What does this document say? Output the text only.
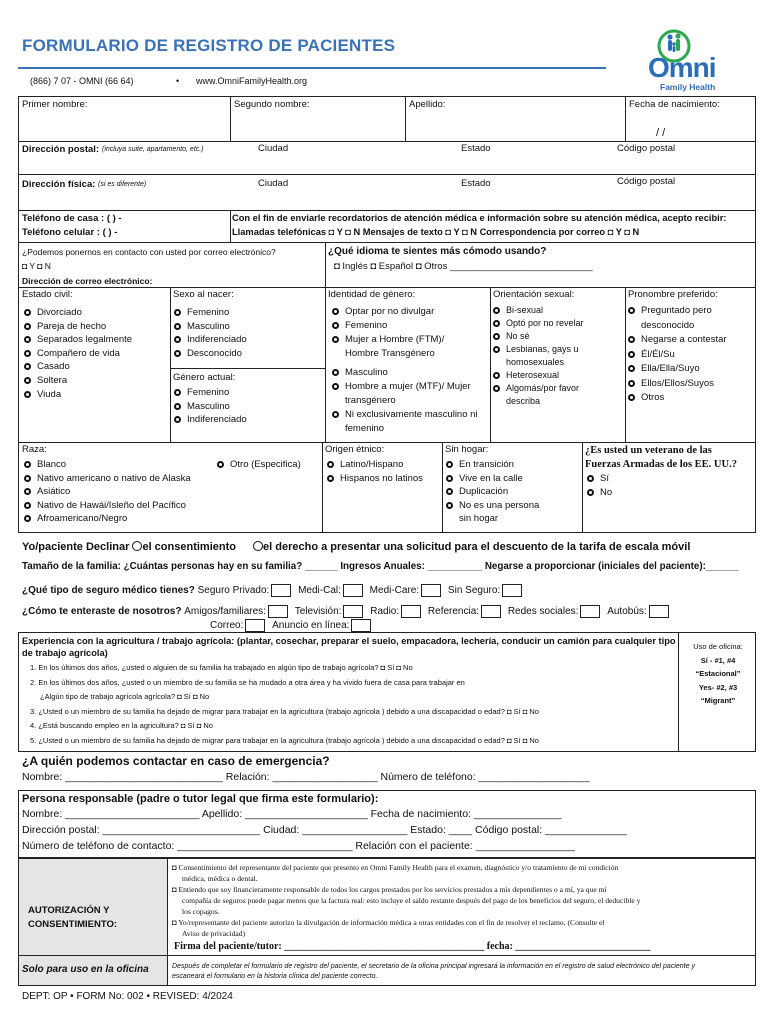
FORMULARIO DE REGISTRO DE PACIENTES
(866) 7 07 - OMNI (66 64)	• www.OmniFamilyHealth.org	Omni
Family Health
Primer nombre:	Segundo nombre:	Apellido:	Fecha de nacimiento:
/ /
Dirección postal: (incluya suite, apartamento, etc.)	Ciudad	Estado	Código postal
Dirección física: (si es diferente)	Ciudad	Estado	Código postal
Teléfono de casa : ( ) -
Teléfono celular : ( ) -
Con el fin de enviarle recordatorios de atención médica e información sobre su atención médica, acepto recibir:
Llamadas telefónicas ◘ Y ◘ N Mensajes de texto ◘ Y ◘ N Correspondencia por correo ◘ Y ◘ N
¿Podemos ponernos en contacto con usted por correo electrónico?
◘ Y ◘ N
Dirección de correo electrónico:
¿Qué idioma te sientes más cómodo usando?
◘ Inglés ◘ Español ◘ Otros ___________________________
Estado civil:
Divorciado
Pareja de hecho
Separados legalmente
Compañero de vida
Casado
Soltera
Viuda
Sexo al nacer:
Femenino
Masculino
Indiferenciado
Desconocido
Género actual:
Femenino
Masculino
Indiferenciado
Identidad de género:
Optar por no divulgar
Femenino
Mujer a Hombre (FTM)/
Hombre Transgénero
Masculino
Hombre a mujer (MTF)/ Mujer
transgénero
Ni exclusivamente masculino ni
femenino
Orientación sexual:
Bi-sexual
Optó por no revelar
No sé
Lesbianas, gays u
homosexuales
Heterosexual
Algomás/por favor
describa
Pronombre preferido:
Preguntado pero
desconocido
Negarse a contestar
Él/Él/Su
Ella/Ella/Suyo
Ellos/Ellos/Suyos
Otros
Raza:
Blanco
Nativo americano o nativo de Alaska
Asiático
Nativo de Hawái/Isleño del Pacífico
Afroamericano/Negro
Otro (Especifica)
Origen étnico:
Latino/Hispano
Hispanos no latinos
Sin hogar:
En transición
Vive en la calle
Duplicación
No es una persona
sin hogar
¿Es usted un veterano de las
Fuerzas Armadas de los EE. UU.?
Sí
No
Yo/paciente Declinar el consentimiento el derecho a presentar una solicitud para el descuento de la tarifa de escala móvil
Tamaño de la familia: ¿Cuántas personas hay en su familia? ______ Ingresos Anuales: __________ Negarse a proporcionar (iniciales del paciente):______
¿Qué tipo de seguro médico tienes? Seguro Privado:	Medi-Cal:	Medi-Care:	Sin Seguro:
¿Cómo te enteraste de nosotros? Amigos/familiares:	Televisión:	Radio:	Referencia:	Redes sociales:	Autobús:
Correo:	Anuncio en línea:
Experiencia con la agricultura / trabajo agrícola: (plantar, cosechar, preparar el suelo, empacadora, lechería, conducir un camión para cualquier tipo de trabajo agrícola)
1. En los últimos dos años, ¿usted o alguien de su familia ha trabajado en algún tipo de trabajo agrícola? ◘ Sí ◘ No
2. En los últimos dos años, ¿usted o un miembro de su familia se ha mudado a otra área y ha vivido fuera de casa para trabajar en
¿Algún tipo de trabajo agrícola agrícola? ◘ Sí ◘ No
3. ¿Usted o un miembro de su familia ha dejado de migrar para trabajar en la agricultura (trabajo agrícola ) debido a una discapacidad o edad? ◘ Sí ◘ No
4. ¿Está buscando empleo en la agricultura? ◘ Sí ◘ No
5. ¿Usted o un miembro de su familia ha dejado de migrar para trabajar en la agricultura (trabajo agrícola ) debido a una discapacidad o edad? ◘ Sí ◘ No
Uso de oficina:
Sí - #1, #4
“Estacional”
Yes- #2, #3
“Migrant”
¿A quién podemos contactar en caso de emergencia?
Nombre: ___________________________ Relación: __________________ Número de teléfono: ___________________
Persona responsable (padre o tutor legal que firma este formulario):
Nombre: _______________________ Apellido: _____________________ Fecha de nacimiento: _______________
Dirección postal: ___________________________ Ciudad: __________________ Estado: ____ Código postal: ______________
Número de teléfono de contacto: ______________________________ Relación con el paciente: _________________
AUTORIZACIÓN Y
CONSENTIMIENTO:
◘ Consentimiento del representante del paciente que presento en Omni Family Health para el examen, diagnóstico y/o tratamiento de mi condición
médica, médica o dental.
◘ Entiendo que soy financieramente responsable de todos los cargos prestados por los servicios prestados a mis dependientes o a mí, ya que mi
compañía de seguros puede pagar menos que la factura real: esto incluye el saldo restante después del pago de los beneficios del seguro, el deducible y
los copagos.
◘ Yo/representante del paciente autorizo la divulgación de información médica a otras entidades con el fin de resolver el reclamo, (Consulte el
Aviso de privacidad)
Firma del paciente/tutor: ________________________________________ fecha: ___________________________
Solo para uso en la oficina	Después de completar el formulario de registro del paciente, el secretario de la oficina principal ingresará la información en el registro de salud electrónico del paciente y
escaneará el formulario en la historia clínica del paciente correcto.
DEPT: OP • FORM No: 002 • REVISED: 4/2024
